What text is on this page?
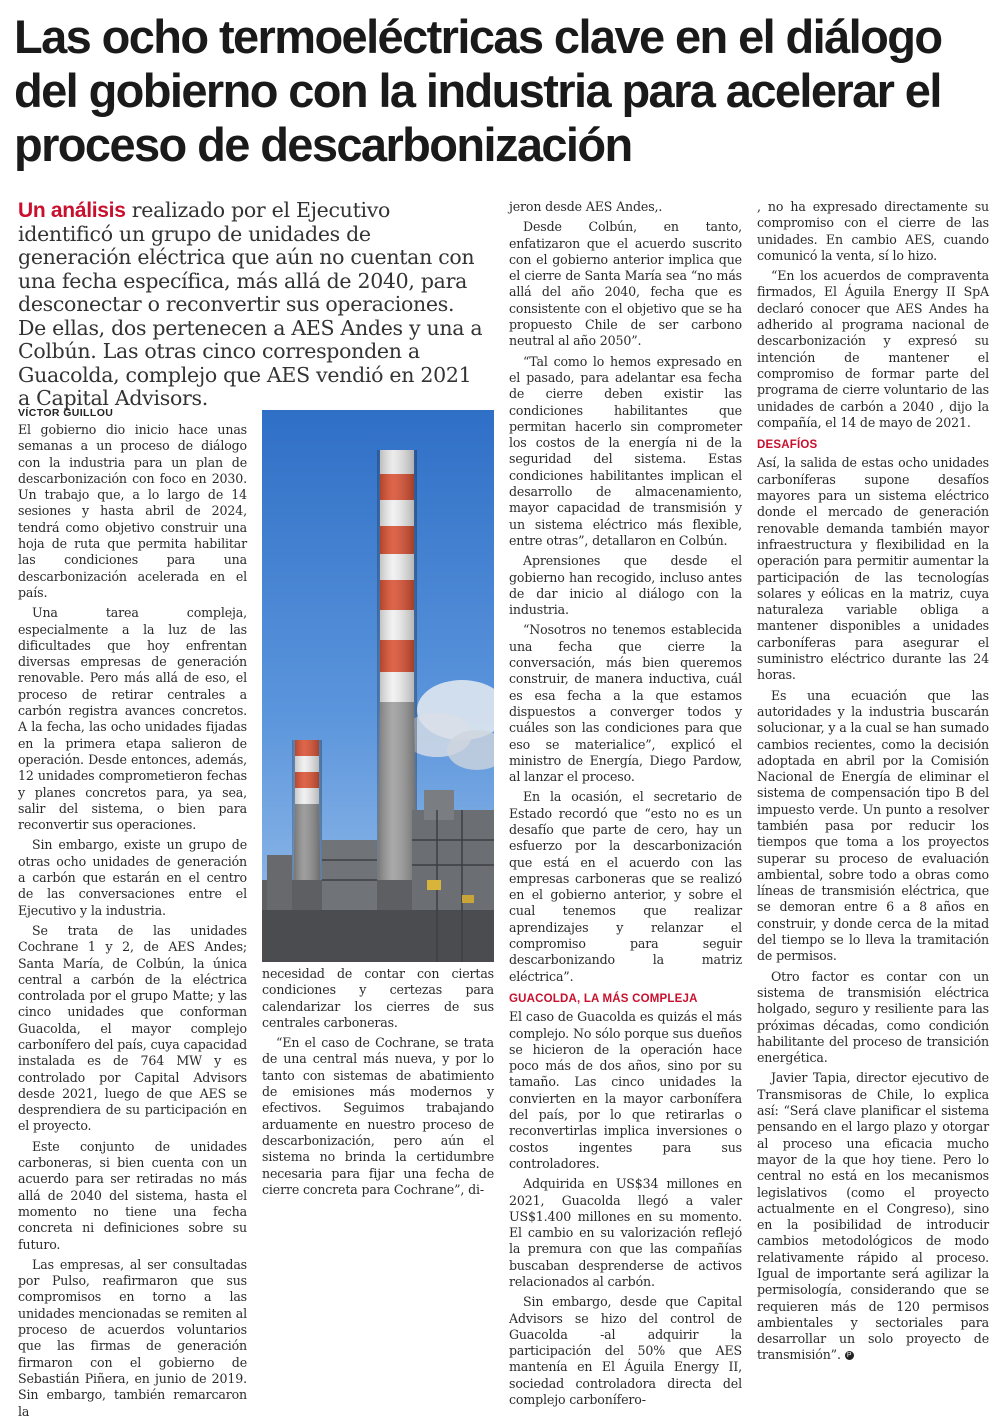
Las ocho termoeléctricas clave en el diálogo del gobierno con la industria para acelerar el proceso de descarbonización

Un análisis realizado por el Ejecutivo identificó un grupo de unidades de generación eléctrica que aún no cuentan con una fecha específica, más allá de 2040, para desconectar o reconvertir sus operaciones. De ellas, dos pertenecen a AES Andes y una a Colbún. Las otras cinco corresponden a Guacolda, complejo que AES vendió en 2021 a Capital Advisors.

VÍCTOR GUILLOU

El gobierno dio inicio hace unas semanas a un proceso de diálogo con la industria para un plan de descarbonización con foco en 2030. Un trabajo que, a lo largo de 14 sesiones y hasta abril de 2024, tendrá como objetivo construir una hoja de ruta que permita habilitar las condiciones para una descarbonización acelerada en el país.

Una tarea compleja, especialmente a la luz de las dificultades que hoy enfrentan diversas empresas de generación renovable. Pero más allá de eso, el proceso de retirar centrales a carbón registra avances concretos. A la fecha, las ocho unidades fijadas en la primera etapa salieron de operación. Desde entonces, además, 12 unidades comprometieron fechas y planes concretos para, ya sea, salir del sistema, o bien para reconvertir sus operaciones.

Sin embargo, existe un grupo de otras ocho unidades de generación a carbón que estarán en el centro de las conversaciones entre el Ejecutivo y la industria.

Se trata de las unidades Cochrane 1 y 2, de AES Andes; Santa María, de Colbún, la única central a carbón de la eléctrica controlada por el grupo Matte; y las cinco unidades que conforman Guacolda, el mayor complejo carbonífero del país, cuya capacidad instalada es de 764 MW y es controlado por Capital Advisors desde 2021, luego de que AES se desprendiera de su participación en el proyecto.

Este conjunto de unidades carboneras, si bien cuenta con un acuerdo para ser retiradas no más allá de 2040 del sistema, hasta el momento no tiene una fecha concreta ni definiciones sobre su futuro.

Las empresas, al ser consultadas por Pulso, reafirmaron que sus compromisos en torno a las unidades mencionadas se remiten al proceso de acuerdos voluntarios que las firmas de generación firmaron con el gobierno de Sebastián Piñera, en junio de 2019. Sin embargo, también remarcaron la

necesidad de contar con ciertas condiciones y certezas para calendarizar los cierres de sus centrales carboneras.

“En el caso de Cochrane, se trata de una central más nueva, y por lo tanto con sistemas de abatimiento de emisiones más modernos y efectivos. Seguimos trabajando arduamente en nuestro proceso de descarbonización, pero aún el sistema no brinda la certidumbre necesaria para fijar una fecha de cierre concreta para Cochrane”, di-

jeron desde AES Andes,.

Desde Colbún, en tanto, enfatizaron que el acuerdo suscrito con el gobierno anterior implica que el cierre de Santa María sea “no más allá del año 2040, fecha que es consistente con el objetivo que se ha propuesto Chile de ser carbono neutral al año 2050”.

“Tal como lo hemos expresado en el pasado, para adelantar esa fecha de cierre deben existir las condiciones habilitantes que permitan hacerlo sin comprometer los costos de la energía ni de la seguridad del sistema. Estas condiciones habilitantes implican el desarrollo de almacenamiento, mayor capacidad de transmisión y un sistema eléctrico más flexible, entre otras”, detallaron en Colbún.

Aprensiones que desde el gobierno han recogido, incluso antes de dar inicio al diálogo con la industria.

“Nosotros no tenemos establecida una fecha que cierre la conversación, más bien queremos construir, de manera inductiva, cuál es esa fecha a la que estamos dispuestos a converger todos y cuáles son las condiciones para que eso se materialice”, explicó el ministro de Energía, Diego Pardow, al lanzar el proceso.

En la ocasión, el secretario de Estado recordó que “esto no es un desafío que parte de cero, hay un esfuerzo por la descarbonización que está en el acuerdo con las empresas carboneras que se realizó en el gobierno anterior, y sobre el cual tenemos que realizar aprendizajes y relanzar el compromiso para seguir descarbonizando la matriz eléctrica”.

GUACOLDA, LA MÁS COMPLEJA

El caso de Guacolda es quizás el más complejo. No sólo porque sus dueños se hicieron de la operación hace poco más de dos años, sino por su tamaño. Las cinco unidades la convierten en la mayor carbonífera del país, por lo que retirarlas o reconvertirlas implica inversiones o costos ingentes para sus controladores.

Adquirida en US$34 millones en 2021, Guacolda llegó a valer US$1.400 millones en su momento. El cambio en su valorización reflejó la premura con que las compañías buscaban desprenderse de activos relacionados al carbón.

Sin embargo, desde que Capital Advisors se hizo del control de Guacolda -al adquirir la participación del 50% que AES mantenía en El Águila Energy II, sociedad controladora directa del complejo carbonífero-

, no ha expresado directamente su compromiso con el cierre de las unidades. En cambio AES, cuando comunicó la venta, sí lo hizo.

“En los acuerdos de compraventa firmados, El Águila Energy II SpA declaró conocer que AES Andes ha adherido al programa nacional de descarbonización y expresó su intención de mantener el compromiso de formar parte del programa de cierre voluntario de las unidades de carbón a 2040 , dijo la compañía, el 14 de mayo de 2021.

DESAFÍOS

Así, la salida de estas ocho unidades carboníferas supone desafíos mayores para un sistema eléctrico donde el mercado de generación renovable demanda también mayor infraestructura y flexibilidad en la operación para permitir aumentar la participación de las tecnologías solares y eólicas en la matriz, cuya naturaleza variable obliga a mantener disponibles a unidades carboníferas para asegurar el suministro eléctrico durante las 24 horas.

Es una ecuación que las autoridades y la industria buscarán solucionar, y a la cual se han sumado cambios recientes, como la decisión adoptada en abril por la Comisión Nacional de Energía de eliminar el sistema de compensación tipo B del impuesto verde. Un punto a resolver también pasa por reducir los tiempos que toma a los proyectos superar su proceso de evaluación ambiental, sobre todo a obras como líneas de transmisión eléctrica, que se demoran entre 6 a 8 años en construir, y donde cerca de la mitad del tiempo se lo lleva la tramitación de permisos.

Otro factor es contar con un sistema de transmisión eléctrica holgado, seguro y resiliente para las próximas décadas, como condición habilitante del proceso de transición energética.

Javier Tapia, director ejecutivo de Transmisoras de Chile, lo explica así: “Será clave planificar el sistema pensando en el largo plazo y otorgar al proceso una eficacia mucho mayor de la que hoy tiene. Pero lo central no está en los mecanismos legislativos (como el proyecto actualmente en el Congreso), sino en la posibilidad de introducir cambios metodológicos de modo relativamente rápido al proceso. Igual de importante será agilizar la permisología, considerando que se requieren más de 120 permisos ambientales y sectoriales para desarrollar un solo proyecto de transmisión”. P
